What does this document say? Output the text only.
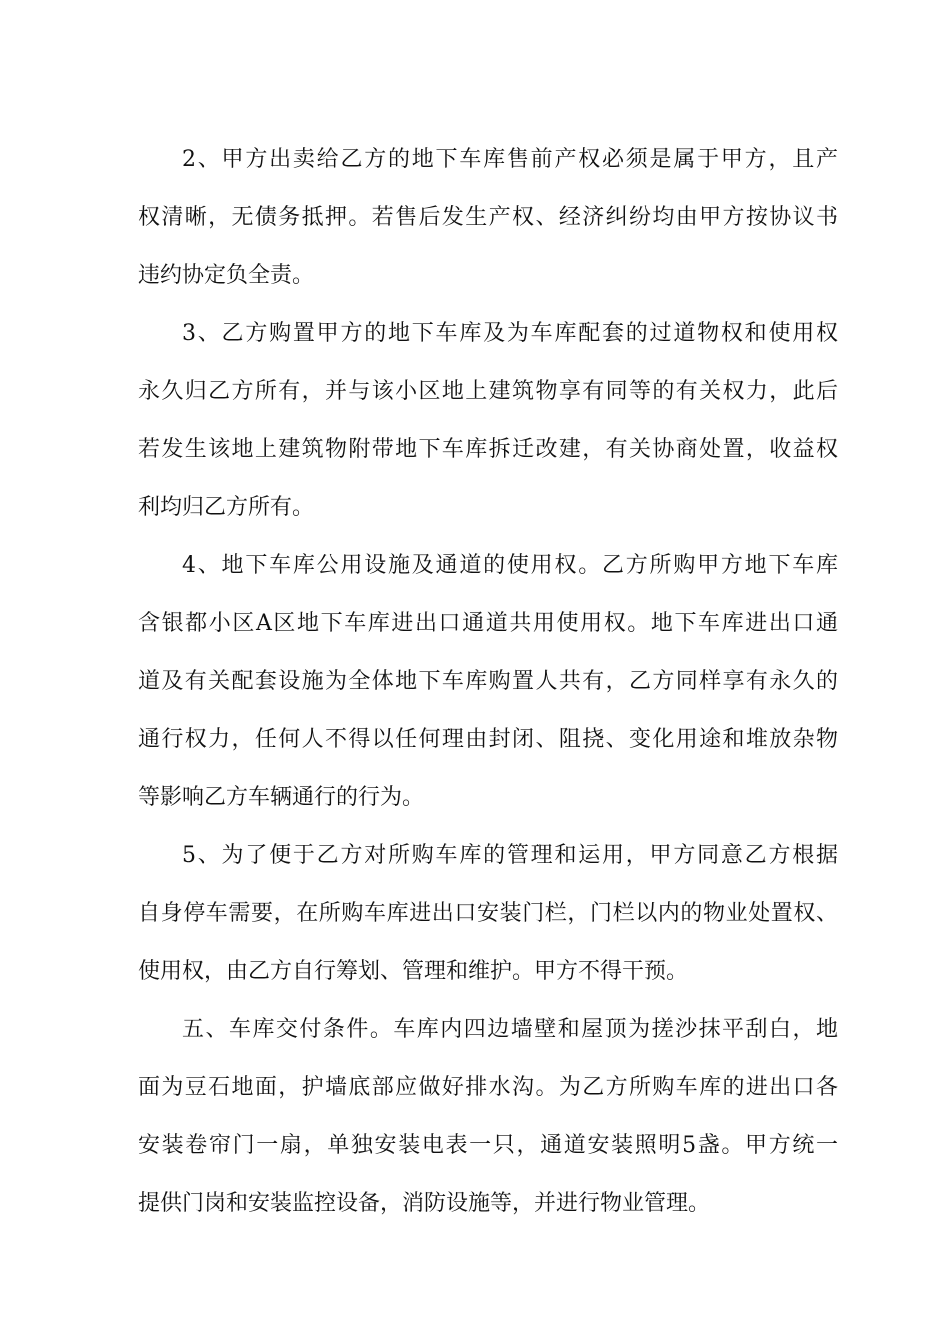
2、甲方出卖给乙方的地下车库售前产权必须是属于甲方，且产
权清晰，无债务抵押。若售后发生产权、经济纠纷均由甲方按协议书
违约协定负全责。
3、乙方购置甲方的地下车库及为车库配套的过道物权和使用权
永久归乙方所有，并与该小区地上建筑物享有同等的有关权力，此后
若发生该地上建筑物附带地下车库拆迁改建，有关协商处置，收益权
利均归乙方所有。
4、地下车库公用设施及通道的使用权。乙方所购甲方地下车库
含银都小区A区地下车库进出口通道共用使用权。地下车库进出口通
道及有关配套设施为全体地下车库购置人共有，乙方同样享有永久的
通行权力，任何人不得以任何理由封闭、阻挠、变化用途和堆放杂物
等影响乙方车辆通行的行为。
5、为了便于乙方对所购车库的管理和运用，甲方同意乙方根据
自身停车需要，在所购车库进出口安装门栏，门栏以内的物业处置权、
使用权，由乙方自行筹划、管理和维护。甲方不得干预。
五、车库交付条件。车库内四边墙壁和屋顶为搓沙抹平刮白，地
面为豆石地面，护墙底部应做好排水沟。为乙方所购车库的进出口各
安装卷帘门一扇，单独安装电表一只，通道安装照明5盏。甲方统一
提供门岗和安装监控设备，消防设施等，并进行物业管理。
